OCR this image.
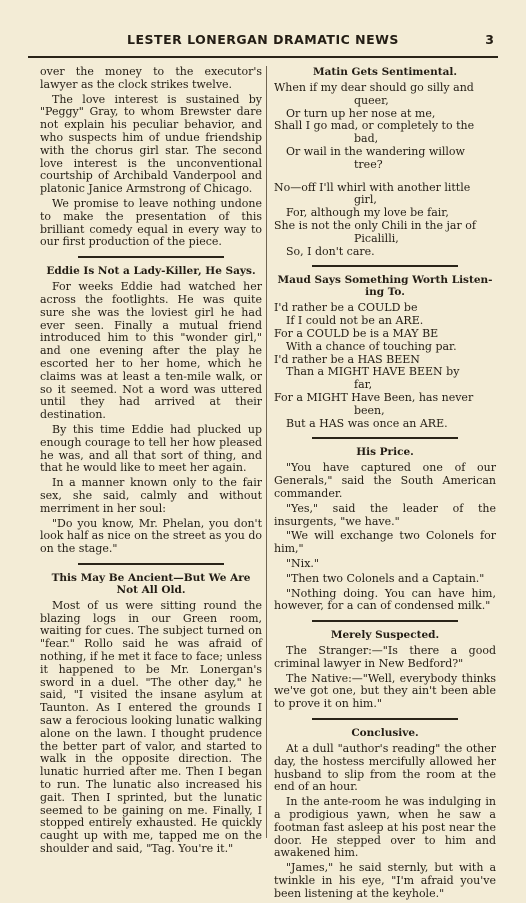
LESTER LONERGAN DRAMATIC NEWS	3

over the money to the executor's lawyer as the clock strikes twelve.

The love interest is sustained by "Peggy" Gray, to whom Brewster dare not explain his peculiar behavior, and who suspects him of undue friendship with the chorus girl star. The second love interest is the unconventional courtship of Archibald Vanderpool and platonic Janice Armstrong of Chicago.

We promise to leave nothing undone to make the presentation of this brilliant comedy equal in every way to our first production of the piece.

Eddie Is Not a Lady-Killer, He Says.

For weeks Eddie had watched her across the footlights. He was quite sure she was the loviest girl he had ever seen. Finally a mutual friend introduced him to this "wonder girl," and one evening after the play he escorted her to her home, which he claims was at least a ten-mile walk, or so it seemed. Not a word was uttered until they had arrived at their destination.

By this time Eddie had plucked up enough courage to tell her how pleased he was, and all that sort of thing, and that he would like to meet her again.

In a manner known only to the fair sex, she said, calmly and without merriment in her soul:

"Do you know, Mr. Phelan, you don't look half as nice on the street as you do on the stage."

This May Be Ancient—But We Are
Not All Old.

Most of us were sitting round the blazing logs in our Green room, waiting for cues. The subject turned on "fear." Rollo said he was afraid of nothing, if he met it face to face; unless it happened to be Mr. Lonergan's sword in a duel. "The other day," he said, "I visited the insane asylum at Taunton. As I entered the grounds I saw a ferocious looking lunatic walking alone on the lawn. I thought prudence the better part of valor, and started to walk in the opposite direction. The lunatic hurried after me. Then I began to run. The lunatic also increased his gait. Then I sprinted, but the lunatic seemed to be gaining on me. Finally, I stopped entirely exhausted. He quickly caught up with me, tapped me on the shoulder and said, "Tag. You're it."

Matin Gets Sentimental.
When if my dear should go silly and
queer,
Or turn up her nose at me,
Shall I go mad, or completely to the
bad,
Or wail in the wandering willow
tree?
No—off I'll whirl with another little
girl,
For, although my love be fair,
She is not the only Chili in the jar of
Picalilli,
So, I don't care.
Maud Says Something Worth Listen-
ing To.
I'd rather be a COULD be
If I could not be an ARE.
For a COULD be is a MAY BE
With a chance of touching par.
I'd rather be a HAS BEEN
Than a MIGHT HAVE BEEN by
far,
For a MIGHT Have Been, has never
been,
But a HAS was once an ARE.
His Price.

"You have captured one of our Generals," said the South American commander.

"Yes," said the leader of the insurgents, "we have."

"We will exchange two Colonels for him,"

"Nix."

"Then two Colonels and a Captain."

"Nothing doing. You can have him, however, for a can of condensed milk."

Merely Suspected.

The Stranger:—"Is there a good criminal lawyer in New Bedford?"

The Native:—"Well, everybody thinks we've got one, but they ain't been able to prove it on him."

Conclusive.

At a dull "author's reading" the other day, the hostess mercifully allowed her husband to slip from the room at the end of an hour.

In the ante-room he was indulging in a prodigious yawn, when he saw a footman fast asleep at his post near the door. He stepped over to him and awakened him.

"James," he said sternly, but with a twinkle in his eye, "I'm afraid you've been listening at the keyhole."
